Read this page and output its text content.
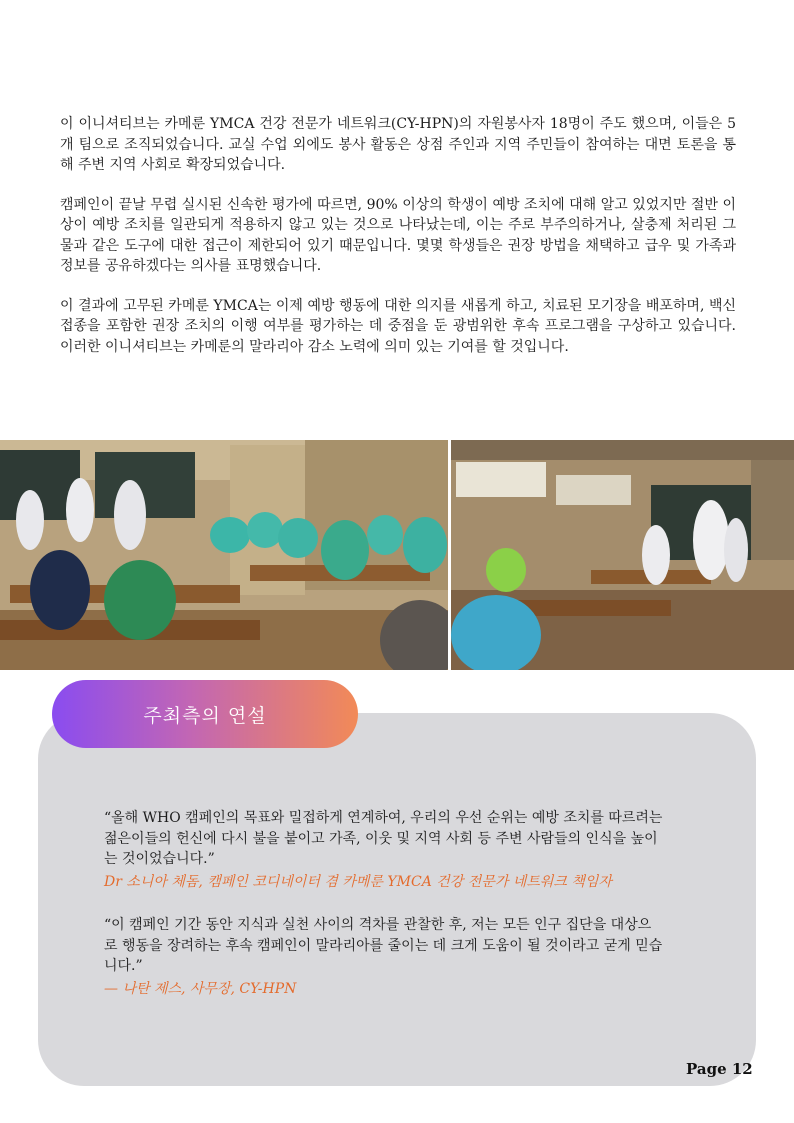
이 이니셔티브는 카메룬 YMCA 건강 전문가 네트워크(CY-HPN)의 자원봉사자 18명이 주도 했으며, 이들은 5개 팀으로 조직되었습니다. 교실 수업 외에도 봉사 활동은 상점 주인과 지역 주민들이 참여하는 대면 토론을 통해 주변 지역 사회로 확장되었습니다.

캠페인이 끝날 무렵 실시된 신속한 평가에 따르면, 90% 이상의 학생이 예방 조치에 대해 알고 있었지만 절반 이상이 예방 조치를 일관되게 적용하지 않고 있는 것으로 나타났는데, 이는 주로 부주의하거나, 살충제 처리된 그물과 같은 도구에 대한 접근이 제한되어 있기 때문입니다. 몇몇 학생들은 권장 방법을 채택하고 급우 및 가족과 정보를 공유하겠다는 의사를 표명했습니다.

이 결과에 고무된 카메룬 YMCA는 이제 예방 행동에 대한 의지를 새롭게 하고, 치료된 모기장을 배포하며, 백신 접종을 포함한 권장 조치의 이행 여부를 평가하는 데 중점을 둔 광범위한 후속 프로그램을 구상하고 있습니다. 이러한 이니셔티브는 카메룬의 말라리아 감소 노력에 의미 있는 기여를 할 것입니다.

주최측의 연설

“올해 WHO 캠페인의 목표와 밀접하게 연계하여, 우리의 우선 순위는 예방 조치를 따르려는 젊은이들의 헌신에 다시 불을 붙이고 가족, 이웃 및 지역 사회 등 주변 사람들의 인식을 높이는 것이었습니다.”

Dr 소니아 체돔, 캠페인 코디네이터 겸 카메룬 YMCA 건강 전문가 네트워크 책임자

“이 캠페인 기간 동안 지식과 실천 사이의 격차를 관찰한 후, 저는 모든 인구 집단을 대상으로 행동을 장려하는 후속 캠페인이 말라리아를 줄이는 데 크게 도움이 될 것이라고 굳게 믿습니다.”

— 나탄 제스, 사무장, CY-HPN

Page 12
